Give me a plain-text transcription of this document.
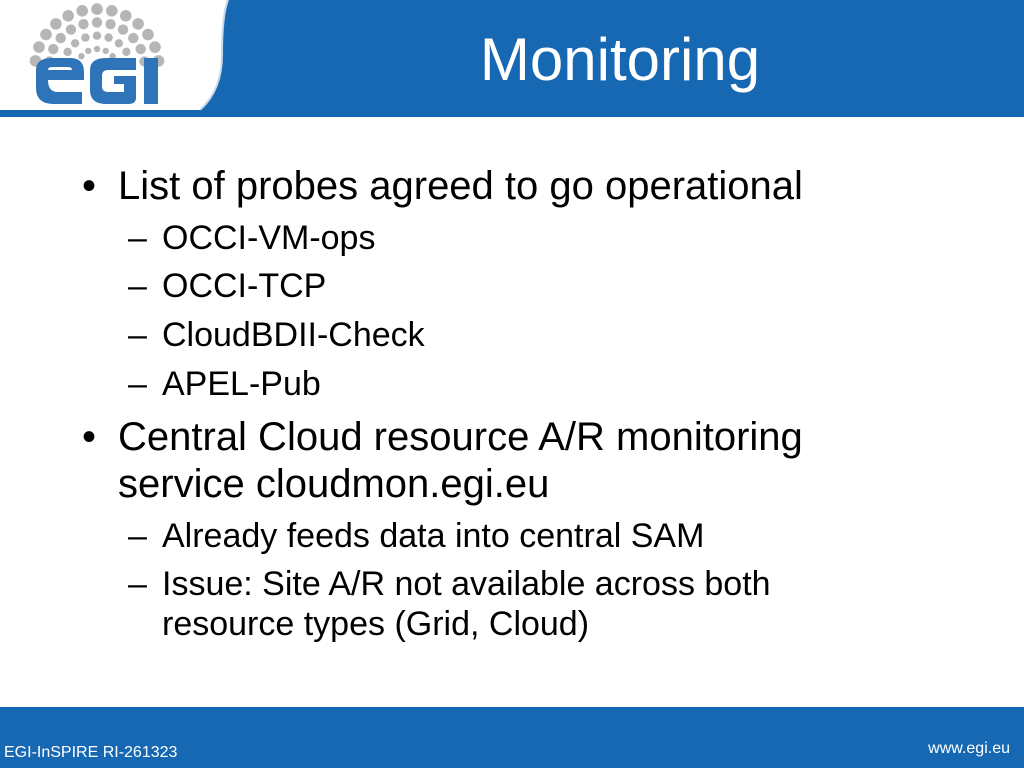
Monitoring
• List of probes agreed to go operational
– OCCI-VM-ops
– OCCI-TCP
– CloudBDII-Check
– APEL-Pub
• Central Cloud resource A/R monitoring
service cloudmon.egi.eu
– Already feeds data into central SAM
– Issue: Site A/R not available across both
resource types (Grid, Cloud)
EGI-InSPIRE RI-261323	www.egi.eu
